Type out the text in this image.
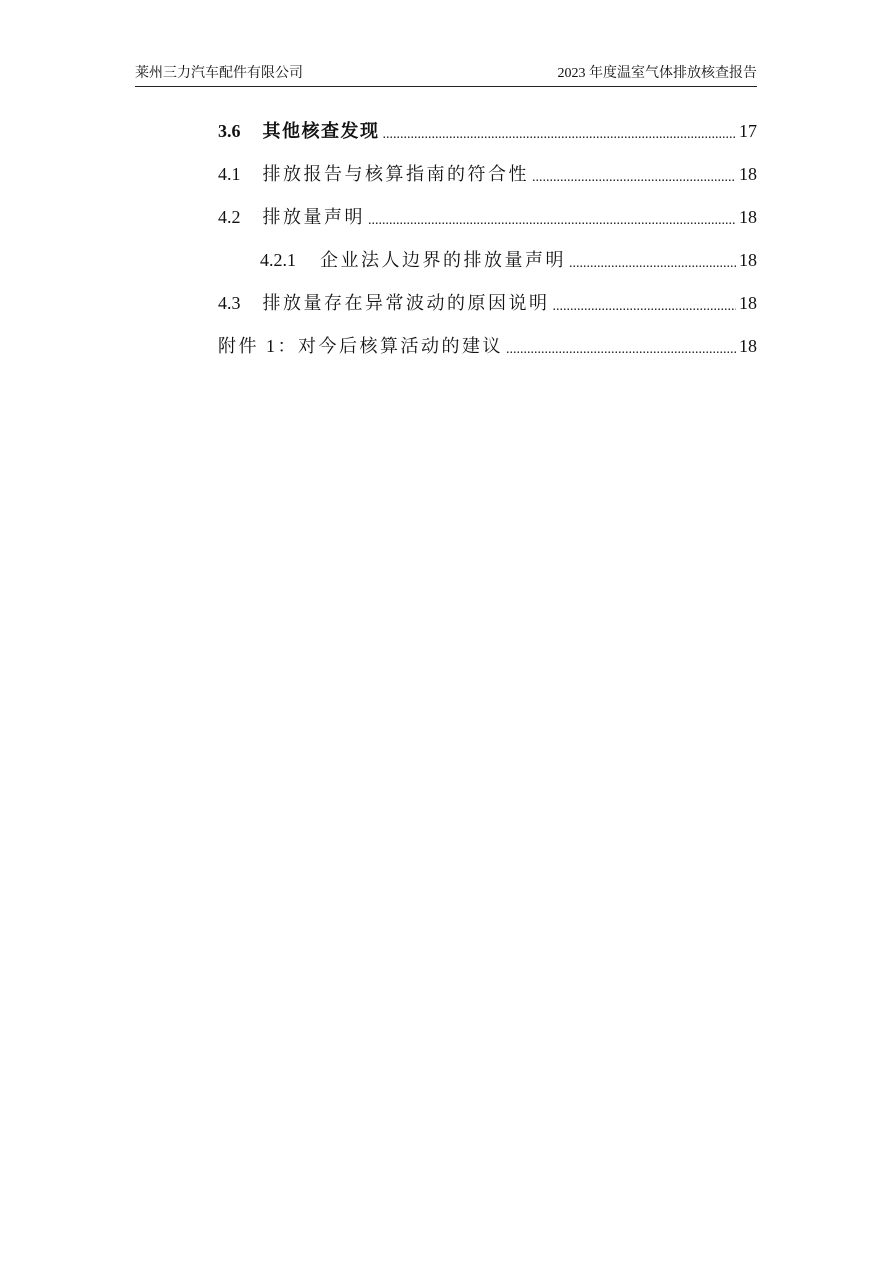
莱州三力汽车配件有限公司	2023 年度温室气体排放核查报告
3.6 其他核查发现 .....	17
4.1 排放报告与核算指南的符合性 .....	18
4.2 排放量声明 .....	18
4.2.1 企业法人边界的排放量声明 .....	18
4.3 排放量存在异常波动的原因说明 .....	18
附件 1：对今后核算活动的建议 .....	18
